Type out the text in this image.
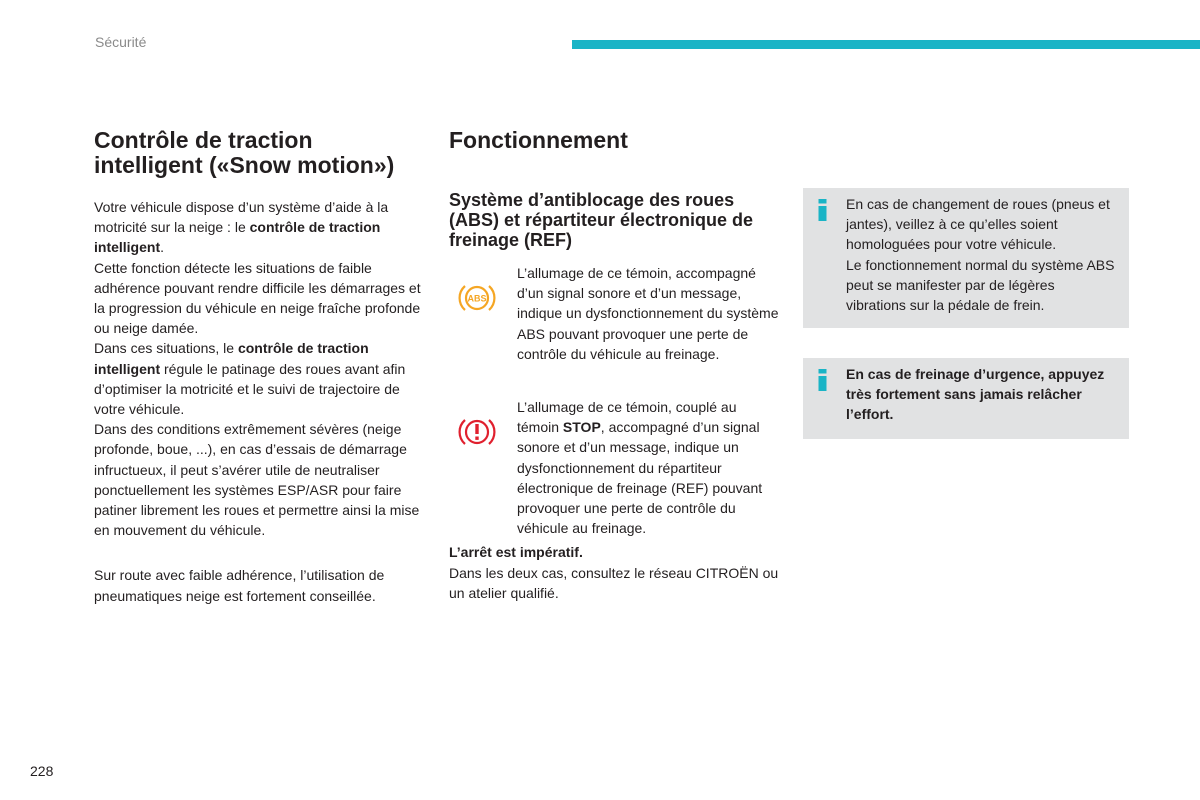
Sécurité
Contrôle de traction intelligent («Snow motion»)

Votre véhicule dispose d’un système d’aide à la motricité sur la neige : le contrôle de traction intelligent.

Cette fonction détecte les situations de faible adhérence pouvant rendre difficile les démarrages et la progression du véhicule en neige fraîche profonde ou neige damée.

Dans ces situations, le contrôle de traction intelligent régule le patinage des roues avant afin d’optimiser la motricité et le suivi de trajectoire de votre véhicule.

Dans des conditions extrêmement sévères (neige profonde, boue, ...), en cas d’essais de démarrage infructueux, il peut s’avérer utile de neutraliser ponctuellement les systèmes ESP/ASR pour faire patiner librement les roues et permettre ainsi la mise en mouvement du véhicule.

Sur route avec faible adhérence, l’utilisation de pneumatiques neige est fortement conseillée.

Fonctionnement
Système d’antiblocage des roues (ABS) et répartiteur électronique de freinage (REF)
ABS

L’allumage de ce témoin, accompagné d’un signal sonore et d’un message, indique un dysfonctionnement du système ABS pouvant provoquer une perte de contrôle du véhicule au freinage.

L’allumage de ce témoin, couplé au témoin STOP, accompagné d’un signal sonore et d’un message, indique un dysfonctionnement du répartiteur électronique de freinage (REF) pouvant provoquer une perte de contrôle du véhicule au freinage.

L’arrêt est impératif.

Dans les deux cas, consultez le réseau CITROËN ou un atelier qualifié.

En cas de changement de roues (pneus et jantes), veillez à ce qu’elles soient homologuées pour votre véhicule.

Le fonctionnement normal du système ABS peut se manifester par de légères vibrations sur la pédale de frein.

En cas de freinage d’urgence, appuyez très fortement sans jamais relâcher l’effort.

228
